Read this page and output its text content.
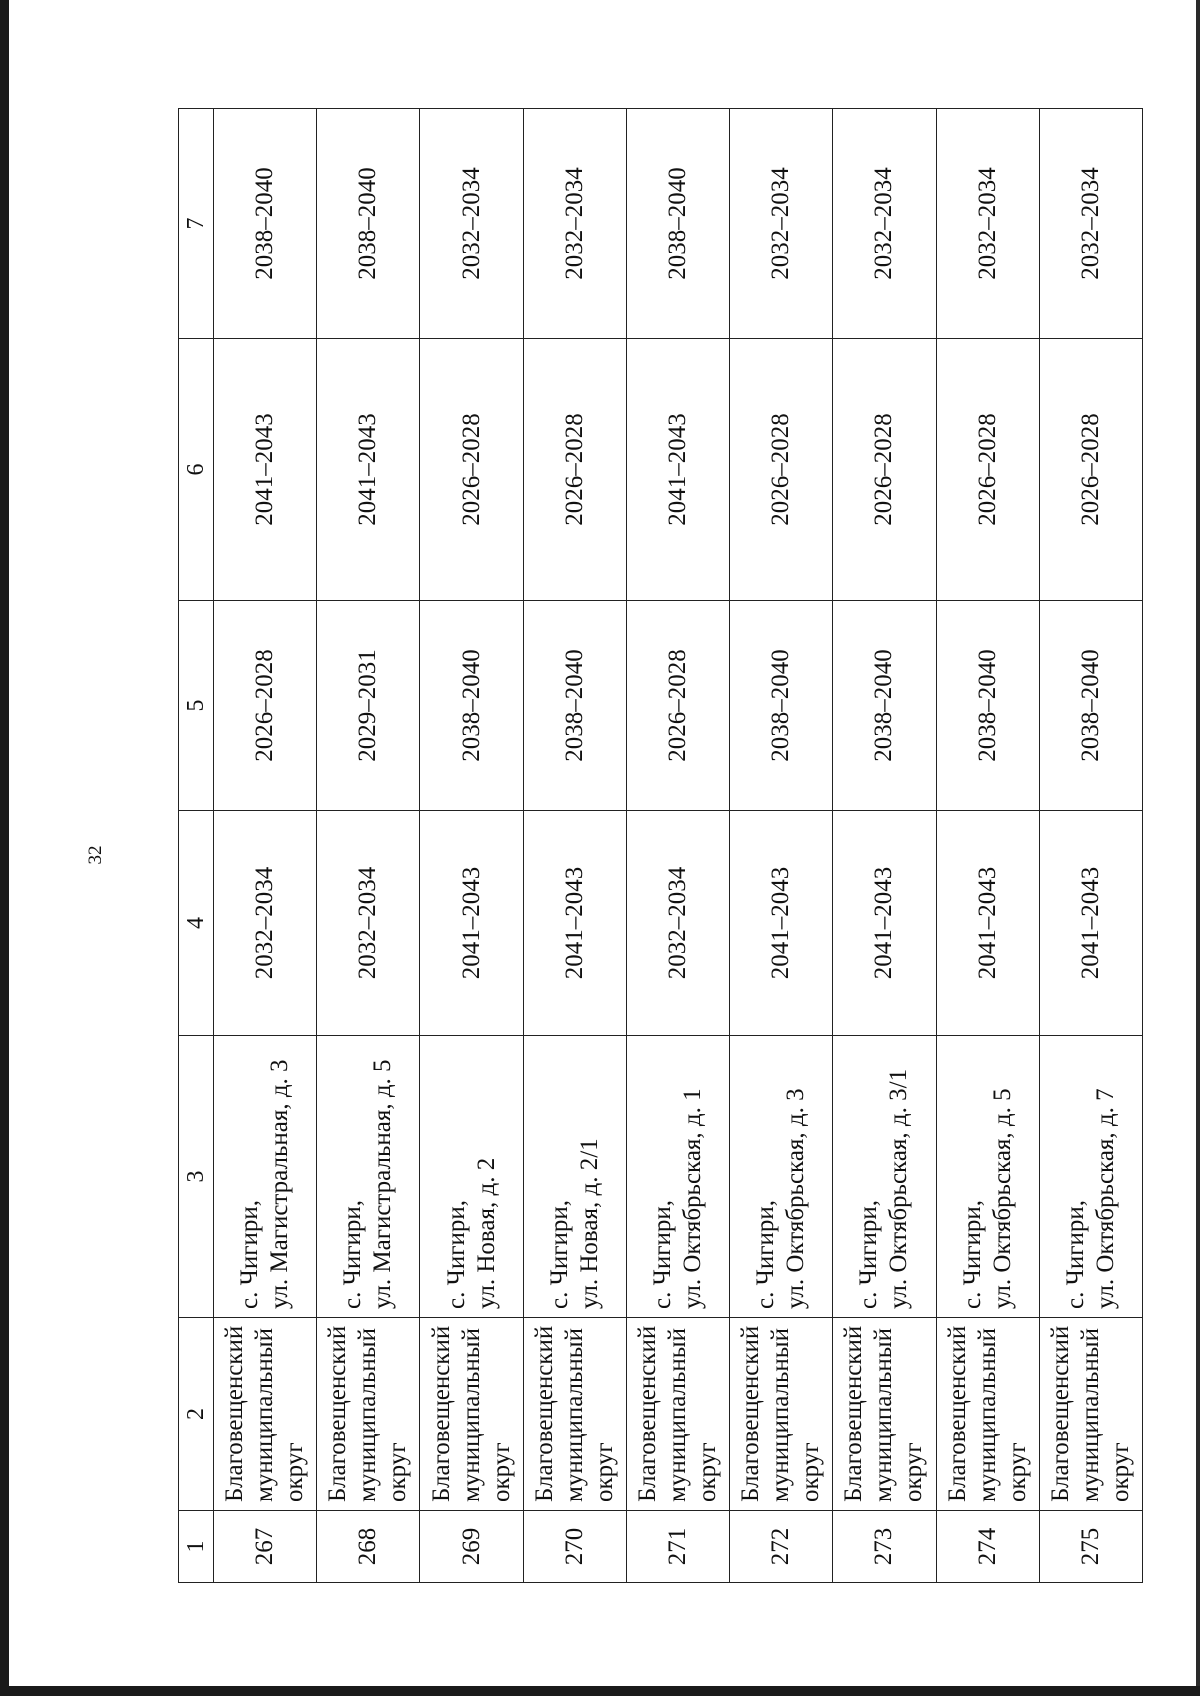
32
1	2	3	4	5	6	7
267	Благовещенский муниципальный округ	с. Чигири, ул. Магистральная, д. 3	2032–2034	2026–2028	2041–2043	2038–2040
268	Благовещенский муниципальный округ	с. Чигири, ул. Магистральная, д. 5	2032–2034	2029–2031	2041–2043	2038–2040
269	Благовещенский муниципальный округ	с. Чигири, ул. Новая, д. 2	2041–2043	2038–2040	2026–2028	2032–2034
270	Благовещенский муниципальный округ	с. Чигири, ул. Новая, д. 2/1	2041–2043	2038–2040	2026–2028	2032–2034
271	Благовещенский муниципальный округ	с. Чигири, ул. Октябрьская, д. 1	2032–2034	2026–2028	2041–2043	2038–2040
272	Благовещенский муниципальный округ	с. Чигири, ул. Октябрьская, д. 3	2041–2043	2038–2040	2026–2028	2032–2034
273	Благовещенский муниципальный округ	с. Чигири, ул. Октябрьская, д. 3/1	2041–2043	2038–2040	2026–2028	2032–2034
274	Благовещенский муниципальный округ	с. Чигири, ул. Октябрьская, д. 5	2041–2043	2038–2040	2026–2028	2032–2034
275	Благовещенский муниципальный округ	с. Чигири, ул. Октябрьская, д. 7	2041–2043	2038–2040	2026–2028	2032–2034
